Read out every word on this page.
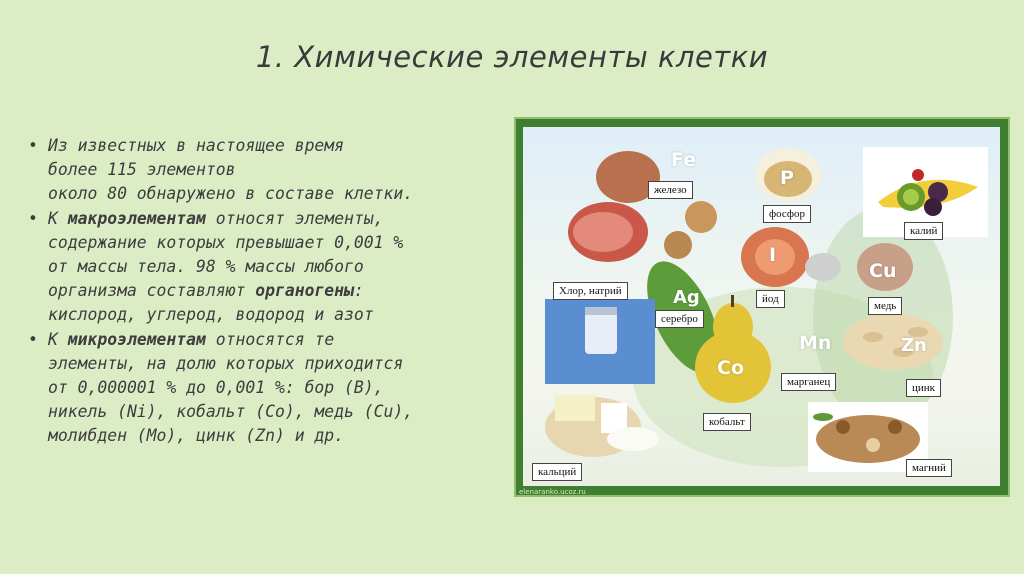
1. Химические элементы клетки
• Из известных в настоящее время
более 115 элементов
около 80 обнаружено в составе клетки.
• К макроэлементам относят элементы,
содержание которых превышает 0,001 %
от массы тела. 98 % массы любого
организма составляют органогены:
кислород, углерод, водород и азот
• К микроэлементам относятся те
элементы, на долю которых приходится
от 0,000001 % до 0,001 %: бор (В),
никель (Ni), кобальт (Со), медь (Cu),
молибден (Мо), цинк (Zn) и др.
Fe
P
I
Cu
Ag
Mn	Zn
Co
железо
фосфор
калий
Хлор, натрий
йод
медь
серебро
марганец	цинк
кобальт
кальций	магний
elenaranko.ucoz.ru
